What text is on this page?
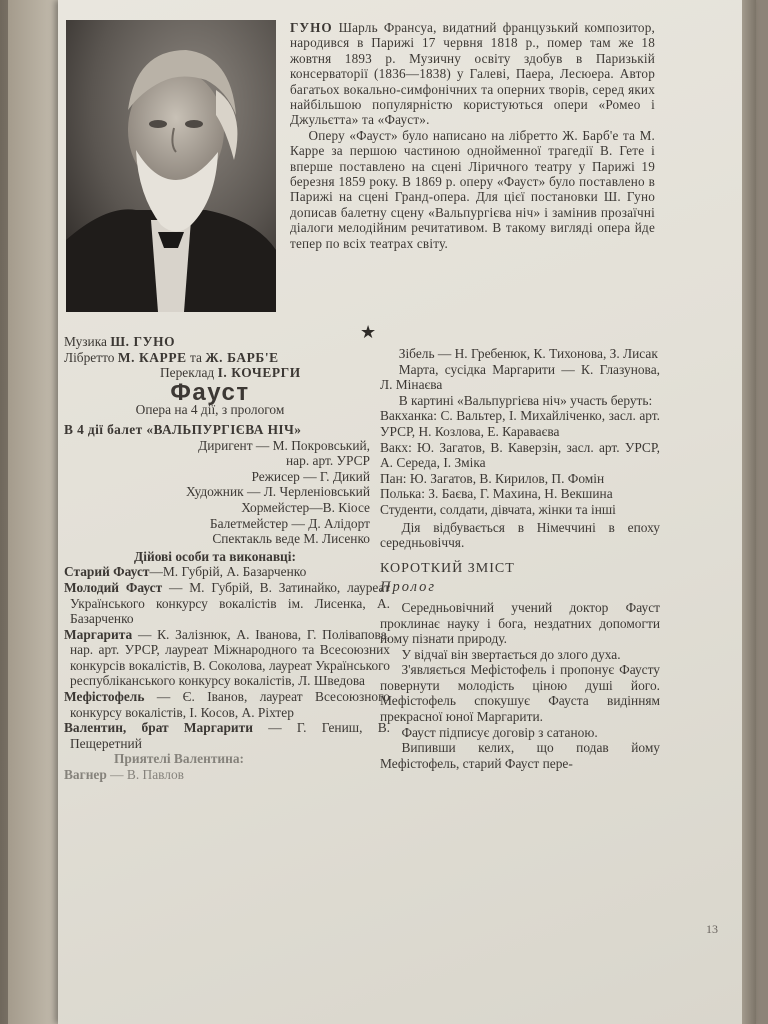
ГУНО Шарль Франсуа, видатний французький композитор, народився в Парижі 17 червня 1818 р., помер там же 18 жовтня 1893 р. Музичну освіту здобув в Паризькій консерваторії (1836—1838) у Галеві, Паера, Лесюера. Автор багатьох вокально-симфонічних та оперних творів, серед яких найбільшою популярністю користуються опери «Ромео і Джульєтта» та «Фауст».

Оперу «Фауст» було написано на лібретто Ж. Барб'е та М. Карре за першою частиною однойменної трагедії В. Гете і вперше поставлено на сцені Ліричного театру у Парижі 19 березня 1859 року. В 1869 р. оперу «Фауст» було поставлено в Парижі на сцені Гранд-опера. Для цієї постановки Ш. Гуно дописав балетну сцену «Вальпургієва ніч» і замінив прозаїчні діалоги мелодійним речитативом. В такому вигляді опера йде тепер по всіх театрах світу.

★

Музика Ш. ГУНО

Лібретто М. КАРРЕ та Ж. БАРБ'Е

Переклад І. КОЧЕРГИ

Фауст

Опера на 4 дії, з прологом

В 4 дії балет «ВАЛЬПУРГІЄВА НІЧ»

Диригент — М. Покровський,

нар. арт. УРСР

Режисер — Г. Дикий

Художник — Л. Черленіовський

Хормейстер—В. Кіосе

Балетмейстер — Д. Алідорт

Спектакль веде М. Лисенко

Дійові особи та виконавці:

Старий Фауст—М. Губрій, А. Базарченко

Молодий Фауст — М. Губрій, В. Затинайко, лауреат Українського конкурсу вокалістів ім. Лисенка, А. Базарченко

Маргарита — К. Залізнюк, А. Іванова, Г. Полівапова, нар. арт. УРСР, лауреат Міжнародного та Всесоюзних конкурсів вокалістів, В. Соколова, лауреат Українського республіканського конкурсу вокалістів, Л. Шведова

Мефістофель — Є. Іванов, лауреат Всесоюзного конкурсу вокалістів, І. Косов, А. Ріхтер

Валентин, брат Маргарити — Г. Гениш, В. Пещеретний

Приятелі Валентина:

Вагнер — В. Павлов

Зібель — Н. Гребенюк, К. Тихонова, З. Лисак

Марта, сусідка Маргарити — К. Глазунова, Л. Мінаєва

В картині «Вальпургієва ніч» участь беруть:

Вакханка: С. Вальтер, І. Михайліченко, засл. арт. УРСР, Н. Козлова, Е. Караваєва

Вакх: Ю. Загатов, В. Каверзін, засл. арт. УРСР, А. Середа, І. Зміка

Пан: Ю. Загатов, В. Кирилов, П. Фомін

Полька: З. Баєва, Г. Махина, Н. Векшина

Студенти, солдати, дівчата, жінки та інші

Дія відбувається в Німеччині в епоху середньовіччя.

КОРОТКИЙ ЗМІСТ

Пролог

Середньовічний учений доктор Фауст проклинає науку і бога, нездатних допомогти йому пізнати природу.

У відчаї він звертається до злого духа.

З'являється Мефістофель і пропонує Фаусту повернути молодість ціною душі його. Мефістофель спокушує Фауста видінням прекрасної юної Маргарити.

Фауст підписує договір з сатаною.

Випивши келих, що подав йому Мефістофель, старий Фауст пере-

13
